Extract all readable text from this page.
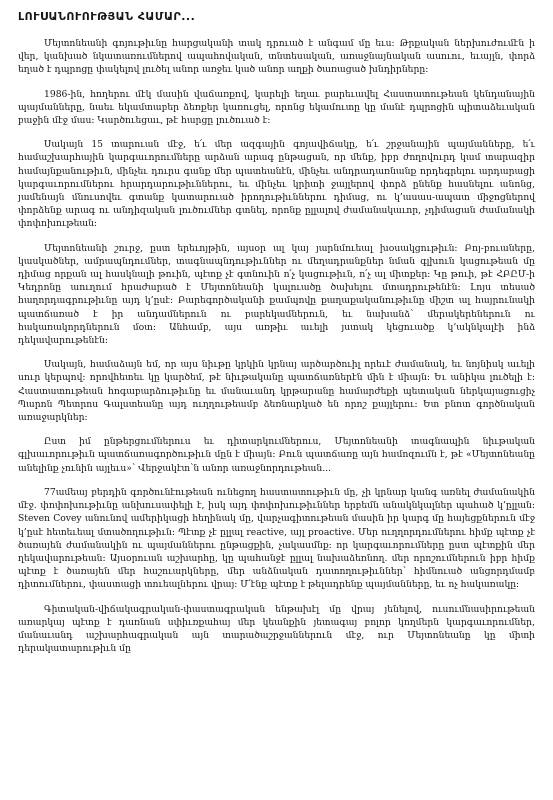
ԼՈՒՍԱՆՈՒՈՒԹՅԱՆ ՀԱՄԱՐ...

Մեյտոնեանի գոյութիւնը հարցականի տակ դրուած է անգամ մը եւս: Թրքական ներխուժումէն ի վեր, կանխած նկատառումներով ապահովական, տնտեսական, առաջնայնական ասուու, եւայլն, փորձ եղած է դպրոցը փակելով լուծել անոր առջեւ կած անոր աղքի ծառացած խնդիրները:

1986-ին, հողերու մէկ մասին վաճառքով, կարելի եղաւ բարեւավել Հաստատութեան կենդանային պայմանները, նաեւ եկամտաբեր ձեռքեր կառուցել, որոնց եկամուտը կը մանէ դպրոցին պիտաձեւական բաջին մէջ մաս: Կարծուեցաւ, թէ հարցը լուծուած է:

Սակայն 15 տարուան մէջ, ե՛ւ մեր ազգային գոյավիճակը, ե՛ւ շրջանային պայմանները, ե՛ւ համաշխարհային կարգաւորումները արձան արագ ընթացան, որ մենք, իբր ժողովուրդ կամ տարազիր համայնքանութիւն, մինչեւ դուրս գանք մեր պատեանէն, մինչեւ անդրադառնանք որդեգրելու արդարացի կարգաւորումներու հրարդարութիւններու, եւ մինչեւ կրիտի ջայլերով փորձ ընենք հասնելու անոնց, յամենայն մնուսովեւ գտանք կատարուած իրողութիւններու դիմաց, ու կ’ասաս-ապատ միջոցներով փորձենք արագ ու անդիզական լուծումներ գտնել, որոնք ըլլալով ժամանակաւոր, չդիմացան ժամանակի փոփոխութեան:

Մեյտոնեանի շուրջ, ըստ երեւոյթին, այսօր ալ կայ յարնմուեալ խօսակցութիւն: Բոյ-բուաները, կասկածներ, ամրապնդումներ, տագնապնդութիւններ ու մեղադրանքներ նման գլխուն կացութեան մը դիմաց որքան ալ հասկնալի թուին, պէտք չէ գտնուին ո՛չ կացութիւն, ո՛չ ալ միտքեր: Կը թուի, թէ ՀԲԸՄ-ի Կեդրոնը աուղում հրաժարած է Մեյտոնեանի կալուածը ծախելու մտադրութենէն: Լոյս տեսած հաղորդագրութիւնը այդ կ’ըսէ: Բարեգործականի քամպովը քաղաքականութիւնը միշտ ալ հայրունակի պատճառած է իր անդամներուն ու բարեկամներուն, եւ նախանձ՝ մերակերեներուն ու հակառակորդներուն մօտ: Անհամբ, այս առթիւ աւելի յստակ կեցուածք կ’ակնկալէի ինձ դեկավարութենէն:

Սակայն, համաձայն եմ, որ այս նիւթը կրկին կրնայ արծարծուիլ որեւէ ժամանակ, եւ նոյնիսկ աւելի սուր կերպով: որովհետեւ կը կարծեմ, թէ նիւթականը պատճառներէն մին է միայն: Եւ անիկա լուծելի է: Հաստատութեան հոգաբարձութիւնը եւ մանաւանդ կրթարանը համարժեքի պետական ներկայացուցիչ Պարոն Պետրոս Գալստեանը այդ ուղղութեամբ ձեռնարկած են որոշ քայլերու: Ետ բնոտ գործնական առաջարկներ:

Ըստ իմ ընթերցումներուս եւ դիտարկումներուս, Մեյտոնեանի տագնապին նիւթական գլխաւորութիւն պատճառագործութիւն մըն է միայն: Բուն պատճառը այն համոզումն է, թէ «Մեյտոնեանը անելինք չունին այլեւս»՝ Վերջակէտ՝ն անոր առաջնորդութեան...

77ամեայ բերդին գործունէութեան ունեցող հաստատութիւն մը, չի կրնար կանգ առնել ժամանակին մէջ. փոփոխութիւնը անխուսափելի է, իսկ այդ փոփոխութիւններ երբեմն անակնկալներ պահած կ’ըլլան: Steven Covey անունով ամերիկացի հեղինակ մը, վարչագիտութեան մասին իր կարգ մը հայեցքներուն մէջ կ’ըսէ հետեւեալ մտածողութիւն: Պէտք չէ ըլլալ reactive, այլ proactive. Մեր ուղղորդումներու հիմք պէտք չէ ծառայեն ժամանակին ու պայմաններու ընթացքին, չակասմնք: որ կարգաւորումները ըստ պէտքին մեր ղեկավարութեան: Այսօրուան աշխարհը, կը պահանջէ ըլլալ նախաձեռնող. մեր որոշումներուն իբր հիմք պէտք է ծառայեն մեր հաշուարկները, մեր անձնական դատողութիւններ՝ հիմնուած անցորդմամբ դիտումներու, փաստացի տուեալներու վրայ: Մ՛էնք պէտք է թելադրենք պայմանները, եւ ոչ հակառակը:

Գիտական-վիճակագրական-փաստագրական ենթախէլ մը վրայ յենելով, ուսումնասիրութեան առարկայ պէտք է դառնան սփիւռքահայ մեր կեանքին յետագայ բոլոր կողմերն կարգաւորումներ, մանաւանդ աշխարհագրական այն տարածաշրջաններուն մէջ, ուր Մեյտոնեանը կը միտի դերակատարութիւն մը
